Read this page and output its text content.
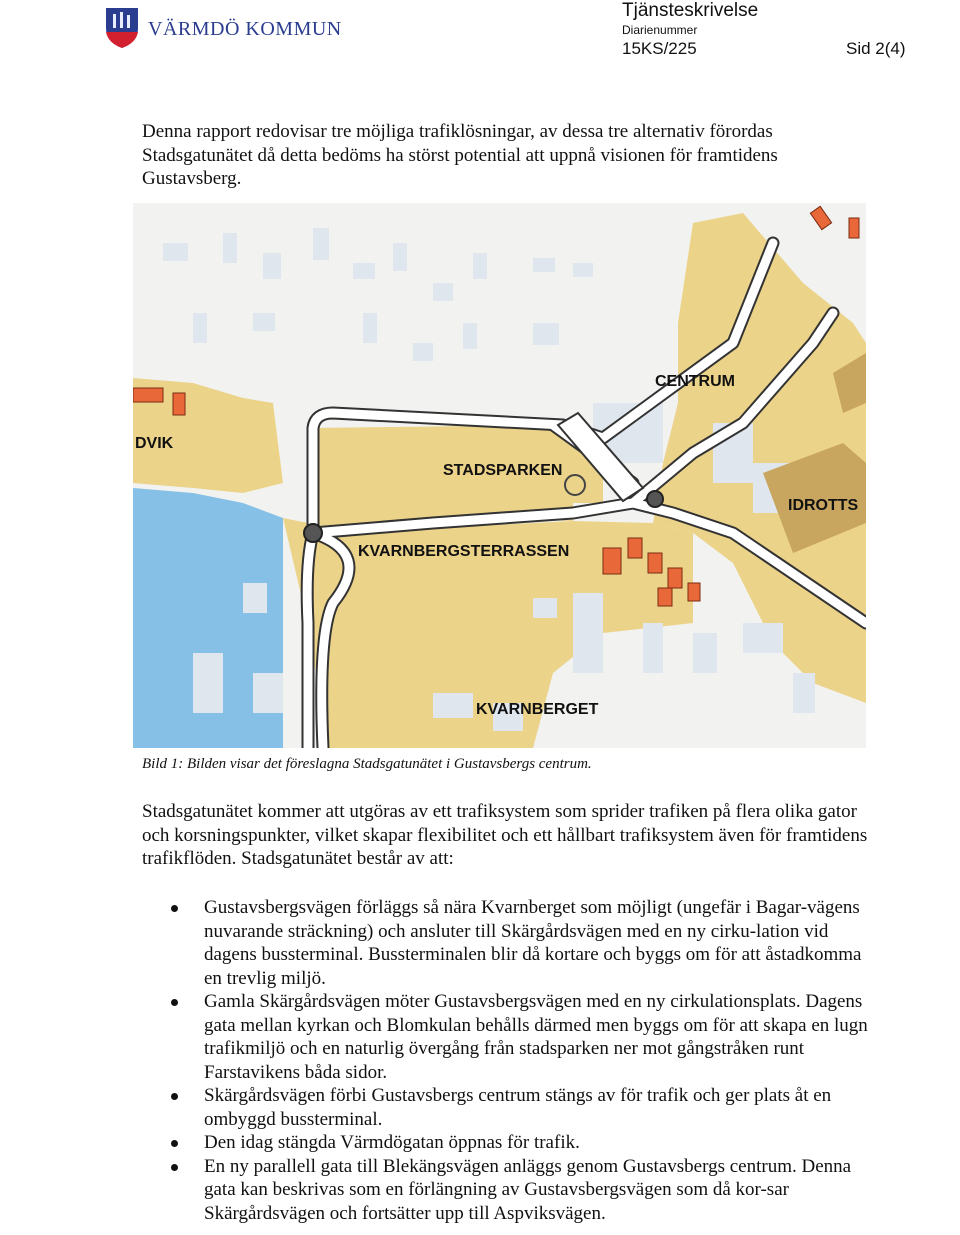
VÄRMDÖ KOMMUN
Tjänsteskrivelse
Diarienummer
15KS/225	Sid 2(4)

Denna rapport redovisar tre möjliga trafiklösningar, av dessa tre alternativ förordas Stadsgatunätet då detta bedöms ha störst potential att uppnå visionen för framtidens Gustavsberg.

CENTRUM
DVIK
STADSPARKEN
IDROTTS
KVARNBERGSTERRASSEN
KVARNBERGET
Bild 1: Bilden visar det föreslagna Stadsgatunätet i Gustavsbergs centrum.

Stadsgatunätet kommer att utgöras av ett trafiksystem som sprider trafiken på flera olika gator och korsningspunkter, vilket skapar flexibilitet och ett hållbart trafiksystem även för framtidens trafikflöden. Stadsgatunätet består av att:

Gustavsbergsvägen förläggs så nära Kvarnberget som möjligt (ungefär i Bagar-vägens nuvarande sträckning) och ansluter till Skärgårdsvägen med en ny cirku-lation vid dagens bussterminal. Bussterminalen blir då kortare och byggs om för att åstadkomma en trevlig miljö.
Gamla Skärgårdsvägen möter Gustavsbergsvägen med en ny cirkulationsplats. Dagens gata mellan kyrkan och Blomkulan behålls därmed men byggs om för att skapa en lugn trafikmiljö och en naturlig övergång från stadsparken ner mot gångstråken runt Farstavikens båda sidor.
Skärgårdsvägen förbi Gustavsbergs centrum stängs av för trafik och ger plats åt en ombyggd bussterminal.
Den idag stängda Värmdögatan öppnas för trafik.
En ny parallell gata till Blekängsvägen anläggs genom Gustavsbergs centrum. Denna gata kan beskrivas som en förlängning av Gustavsbergsvägen som då kor-sar Skärgårdsvägen och fortsätter upp till Aspviksvägen.
